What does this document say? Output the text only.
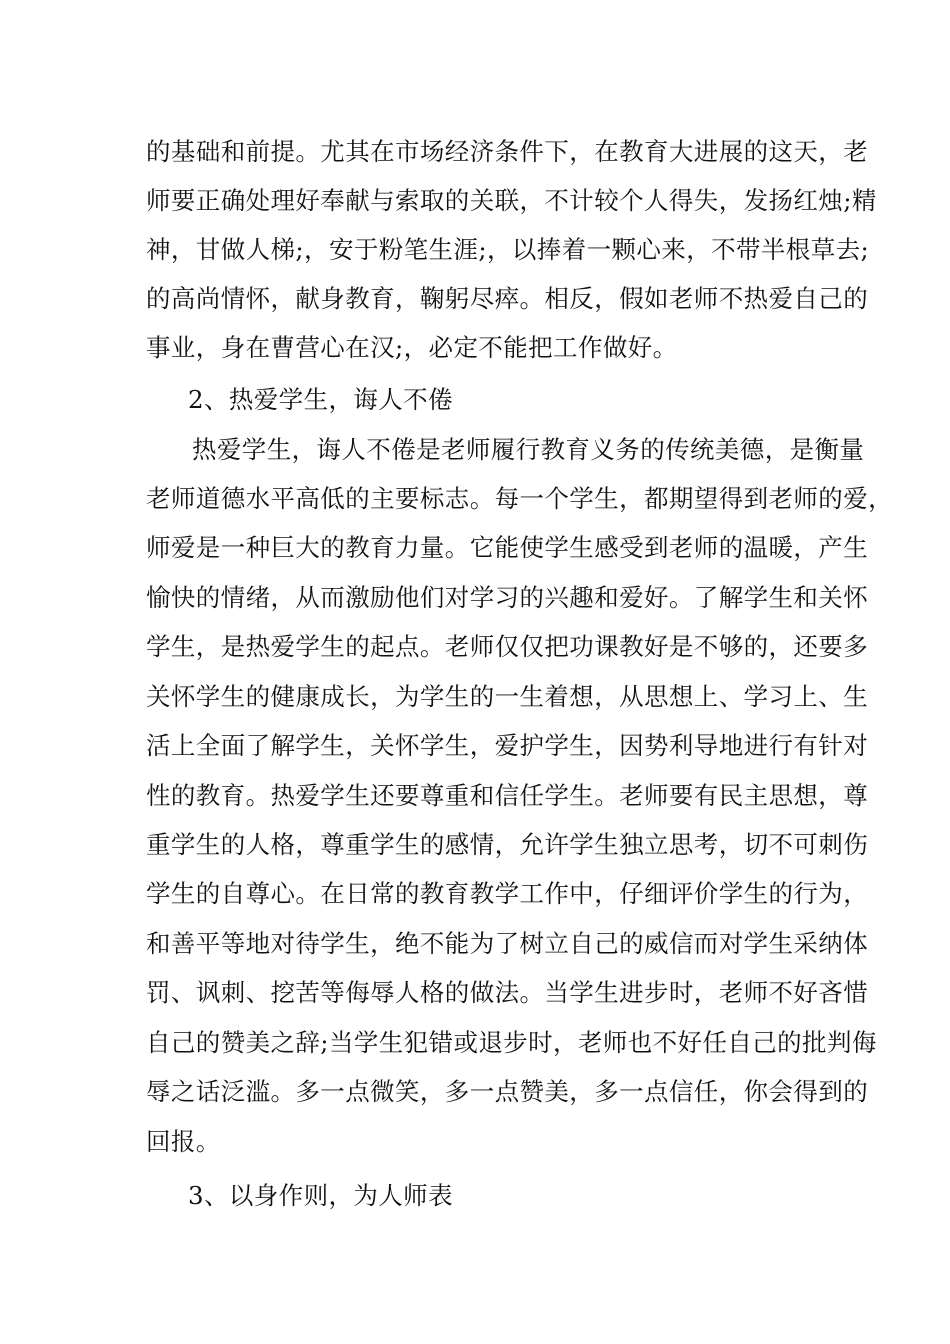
的基础和前提。尤其在市场经济条件下，在教育大进展的这天，老
师要正确处理好奉献与索取的关联，不计较个人得失，发扬红烛;精
神，甘做人梯;，安于粉笔生涯;，以捧着一颗心来，不带半根草去;
的高尚情怀，献身教育，鞠躬尽瘁。相反，假如老师不热爱自己的
事业，身在曹营心在汉;，必定不能把工作做好。
2、热爱学生，诲人不倦
热爱学生，诲人不倦是老师履行教育义务的传统美德，是衡量
老师道德水平高低的主要标志。每一个学生，都期望得到老师的爱，
师爱是一种巨大的教育力量。它能使学生感受到老师的温暖，产生
愉快的情绪，从而激励他们对学习的兴趣和爱好。了解学生和关怀
学生，是热爱学生的起点。老师仅仅把功课教好是不够的，还要多
关怀学生的健康成长，为学生的一生着想，从思想上、学习上、生
活上全面了解学生，关怀学生，爱护学生，因势利导地进行有针对
性的教育。热爱学生还要尊重和信任学生。老师要有民主思想，尊
重学生的人格，尊重学生的感情，允许学生独立思考，切不可刺伤
学生的自尊心。在日常的教育教学工作中，仔细评价学生的行为，
和善平等地对待学生，绝不能为了树立自己的威信而对学生采纳体
罚、讽刺、挖苦等侮辱人格的做法。当学生进步时，老师不好吝惜
自己的赞美之辞;当学生犯错或退步时，老师也不好任自己的批判侮
辱之话泛滥。多一点微笑，多一点赞美，多一点信任，你会得到的
回报。
3、以身作则，为人师表
